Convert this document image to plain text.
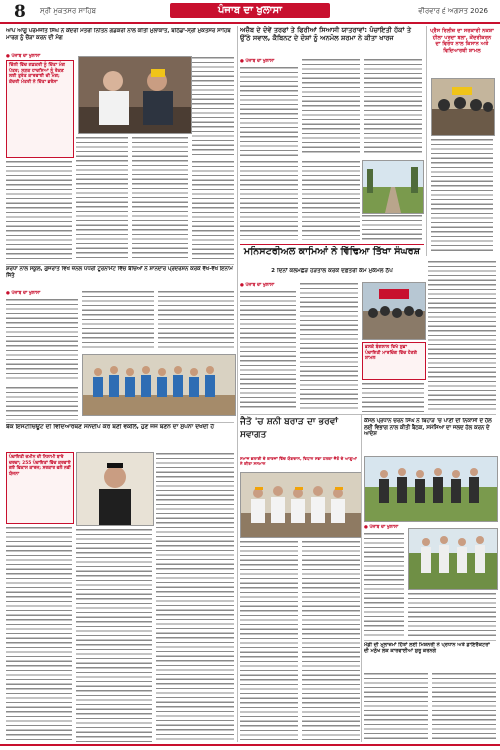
8 ਸ੍ਰੀ ਮੁਕਤਸਰ ਸਾਹਿਬ	ਪੰਜਾਬ ਦਾ ਖੁਲਾਸਾ	ਵੀਰਵਾਰ ੬ ਅਗਸਤ 2026
ਆਪ ਆਗੂ ਪਰਮਜੀਤ ਸਿੰਘ ਨੇ ਕੇਂਦਰੀ ਮੰਤਰੀ ਨਿਤਿਨ ਗਡਕਰੀ ਨਾਲ ਕੀਤੀ ਮੁਲਾਕਾਤ, ਬਠਿੰਡਾ-ਸ੍ਰੀ ਮੁਕਤਸਰ ਸਾਹਿਬ ਮਾਰਗ ਨੂੰ ਚੌੜਾ ਕਰਨ ਦੀ ਮੰਗ
● ਪੰਜਾਬ ਦਾ ਖੁਲਾਸਾ
ਦਿੱਲੀ ਵਿੱਚ ਗਡਕਰੀ ਨੂੰ ਦਿੱਤਾ ਮੰਗ ਪੱਤਰ; ਸੜਕ ਹਾਦਸਿਆਂ ਨੂੰ ਰੋਕਣ ਲਈ ਤੁਰੰਤ ਕਾਰਵਾਈ ਦੀ ਮੰਗ; ਕੇਂਦਰੀ ਮੰਤਰੀ ਨੇ ਦਿੱਤਾ ਭਰੋਸਾ
ਅਜ਼ੈਬ ਦੇ ਦੋਵੇਂ ਤਰਫਾਂ ਤੇ ਫਿਰੀਆਂ ਸਿਆਸੀ ਯਾਤਰਾਵਾਂ: ਪੰਚਾਇਤੀ ਹੱਕਾਂ ਤੇ ਉੱਠੇ ਸਵਾਲ, ਕੈਬਿਨਟ ਦੇ ਦੋਸ਼ਾਂ ਨੂੰ ਅਨਮੋਲ ਸ਼ਰਮਾ ਨੇ ਕੀਤਾ ਖਾਰਜ
● ਪੰਜਾਬ ਦਾ ਖੁਲਾਸਾ
ਪ੍ਰੈਸ ਰਿਲੀਜ਼ ਦਾ ਸਰਕਾਰੀ ਨਕਸ਼ਾ ਹੀਲਾ ਪਰਦਾ ਬਲਾ, ਕੇਂਦਰੀਕਰਨ ਦਾ ਵਿਰੋਧ ਨਾਲ ਕਿਸਾਨ ਅਤੇ ਵਿਦਿਆਰਥੀ ਸ਼ਾਮਲ
ਮਨਿਸਟਰੀਅਲ ਕਾਮਿਆਂ ਨੇ ਵਿੱਢਿਆ ਤਿੱਖਾ ਸੰਘਰਸ਼
2 ਦਿਨਾਂ ਕਲਮਛੋੜ ਹੜਤਾਲ ਕਰਕੇ ਦਫ਼ਤਰੀ ਕੰਮ ਮੁਕੰਮਲ ਠੱਪ
ਸ਼ਰਧਾ ਨਾਲ ਸਕੂਲ, ਗੁਜਰਾਤ ਵਿਖੇ ਜ਼ੋਨਲ ਪੱਧਰੀ ਟੂਰਨਾਮੈਂਟ ਵਿੱਚ ਬੱਚਿਆਂ ਨੇ ਸ਼ਾਨਦਾਰ ਪ੍ਰਦਰਸ਼ਨ ਕਰਕੇ ਵੱਖ-ਵੱਖ ਇਨਾਮ ਜਿੱਤੇ
● ਪੰਜਾਬ ਦਾ ਖੁਲਾਸਾ
ਬੈਂਕ ਇੰਸਟੀਚਿਊਟ ਦੀ ਵਿਦਿਆਰਥਣ ਸਨਦੀਪ ਕੌਰ ਬਣੀ ਵਕੀਲ, ਹੁਣ ਜੱਜ ਬਣਨ ਦਾ ਸੁਪਨਾ ਦੇਖਦੀ ਹੈ
ਪੰਚਾਇਤੀ ਜ਼ਮੀਨ ਦੀ ਨਿਲਾਮੀ ਬਾਰੇ ਚਰਚਾ; 255 ਪੰਚਾਇਤਾਂ ਵਿੱਚ ਕਰਵਾਏ ਗਏ ਵਿਕਾਸ ਕਾਰਜ; ਸਰਕਾਰ ਵਲੋਂ ਨਵੀਂ ਯੋਜਨਾ
● ਪੰਜਾਬ ਦਾ ਖੁਲਾਸਾ
ਭਲਕੇ ਬੰਗਲਾਲ ਵਿਖੇ ਸ਼ੁਭਾ ਪੰਚਾਇਤੀ ਮਾਰਚਿੰਗ ਵਿੱਚ ਹੋਣਗੇ ਸ਼ਾਮਲ
ਜੈਤੋ 'ਚ ਸ਼ਨੀ ਬਰਾੜ ਦਾ ਭਰਵਾਂ ਸਵਾਗਤ
ਸਮਾਜ ਭਲਾਈ ਦੇ ਕਾਰਜਾਂ ਵਿੱਚ ਯੋਗਦਾਨ, ਵਿਧਾਨ ਸਭਾ ਹਲਕਾ ਜੈਤੋ ਦੇ ਆਗੂਆਂ ਨੇ ਕੀਤਾ ਸਨਮਾਨ
ਕੌਂਸਲ ਪ੍ਰਧਾਨ ਚਰਨ ਸਿੰਘ ਨੇ ਬਿਹਾੜ 'ਚ ਪਾਣੀ ਦੀ ਨਿਕਾਸੀ ਦੇ ਹੱਲ ਲਈ ਵਿਭਾਗ ਨਾਲ ਕੀਤੀ ਬੈਠਕ, ਸਮੱਸਿਆ ਦਾ ਜਲਦ ਹੱਲ ਕਰਨ ਦੇ ਆਦੇਸ਼
● ਪੰਜਾਬ ਦਾ ਖੁਲਾਸਾ
ਮੰਡੀ ਦੀ ਮੁਲਾਜ਼ਮਾਂ ਹਿੱਤਾਂ ਲਈ ਮਿਸ਼ਨਰੀ ਨੇ ਪ੍ਰਧਾਨ ਅਤੇ ਡਾਇਰੈਕਟਰਾਂ ਦੀ ਮਨੁੱਖ ਲੋਕ ਕਾਰਵਾਈਆਂ ਸ਼ੁਰੂ ਕਰਨਗੇ
